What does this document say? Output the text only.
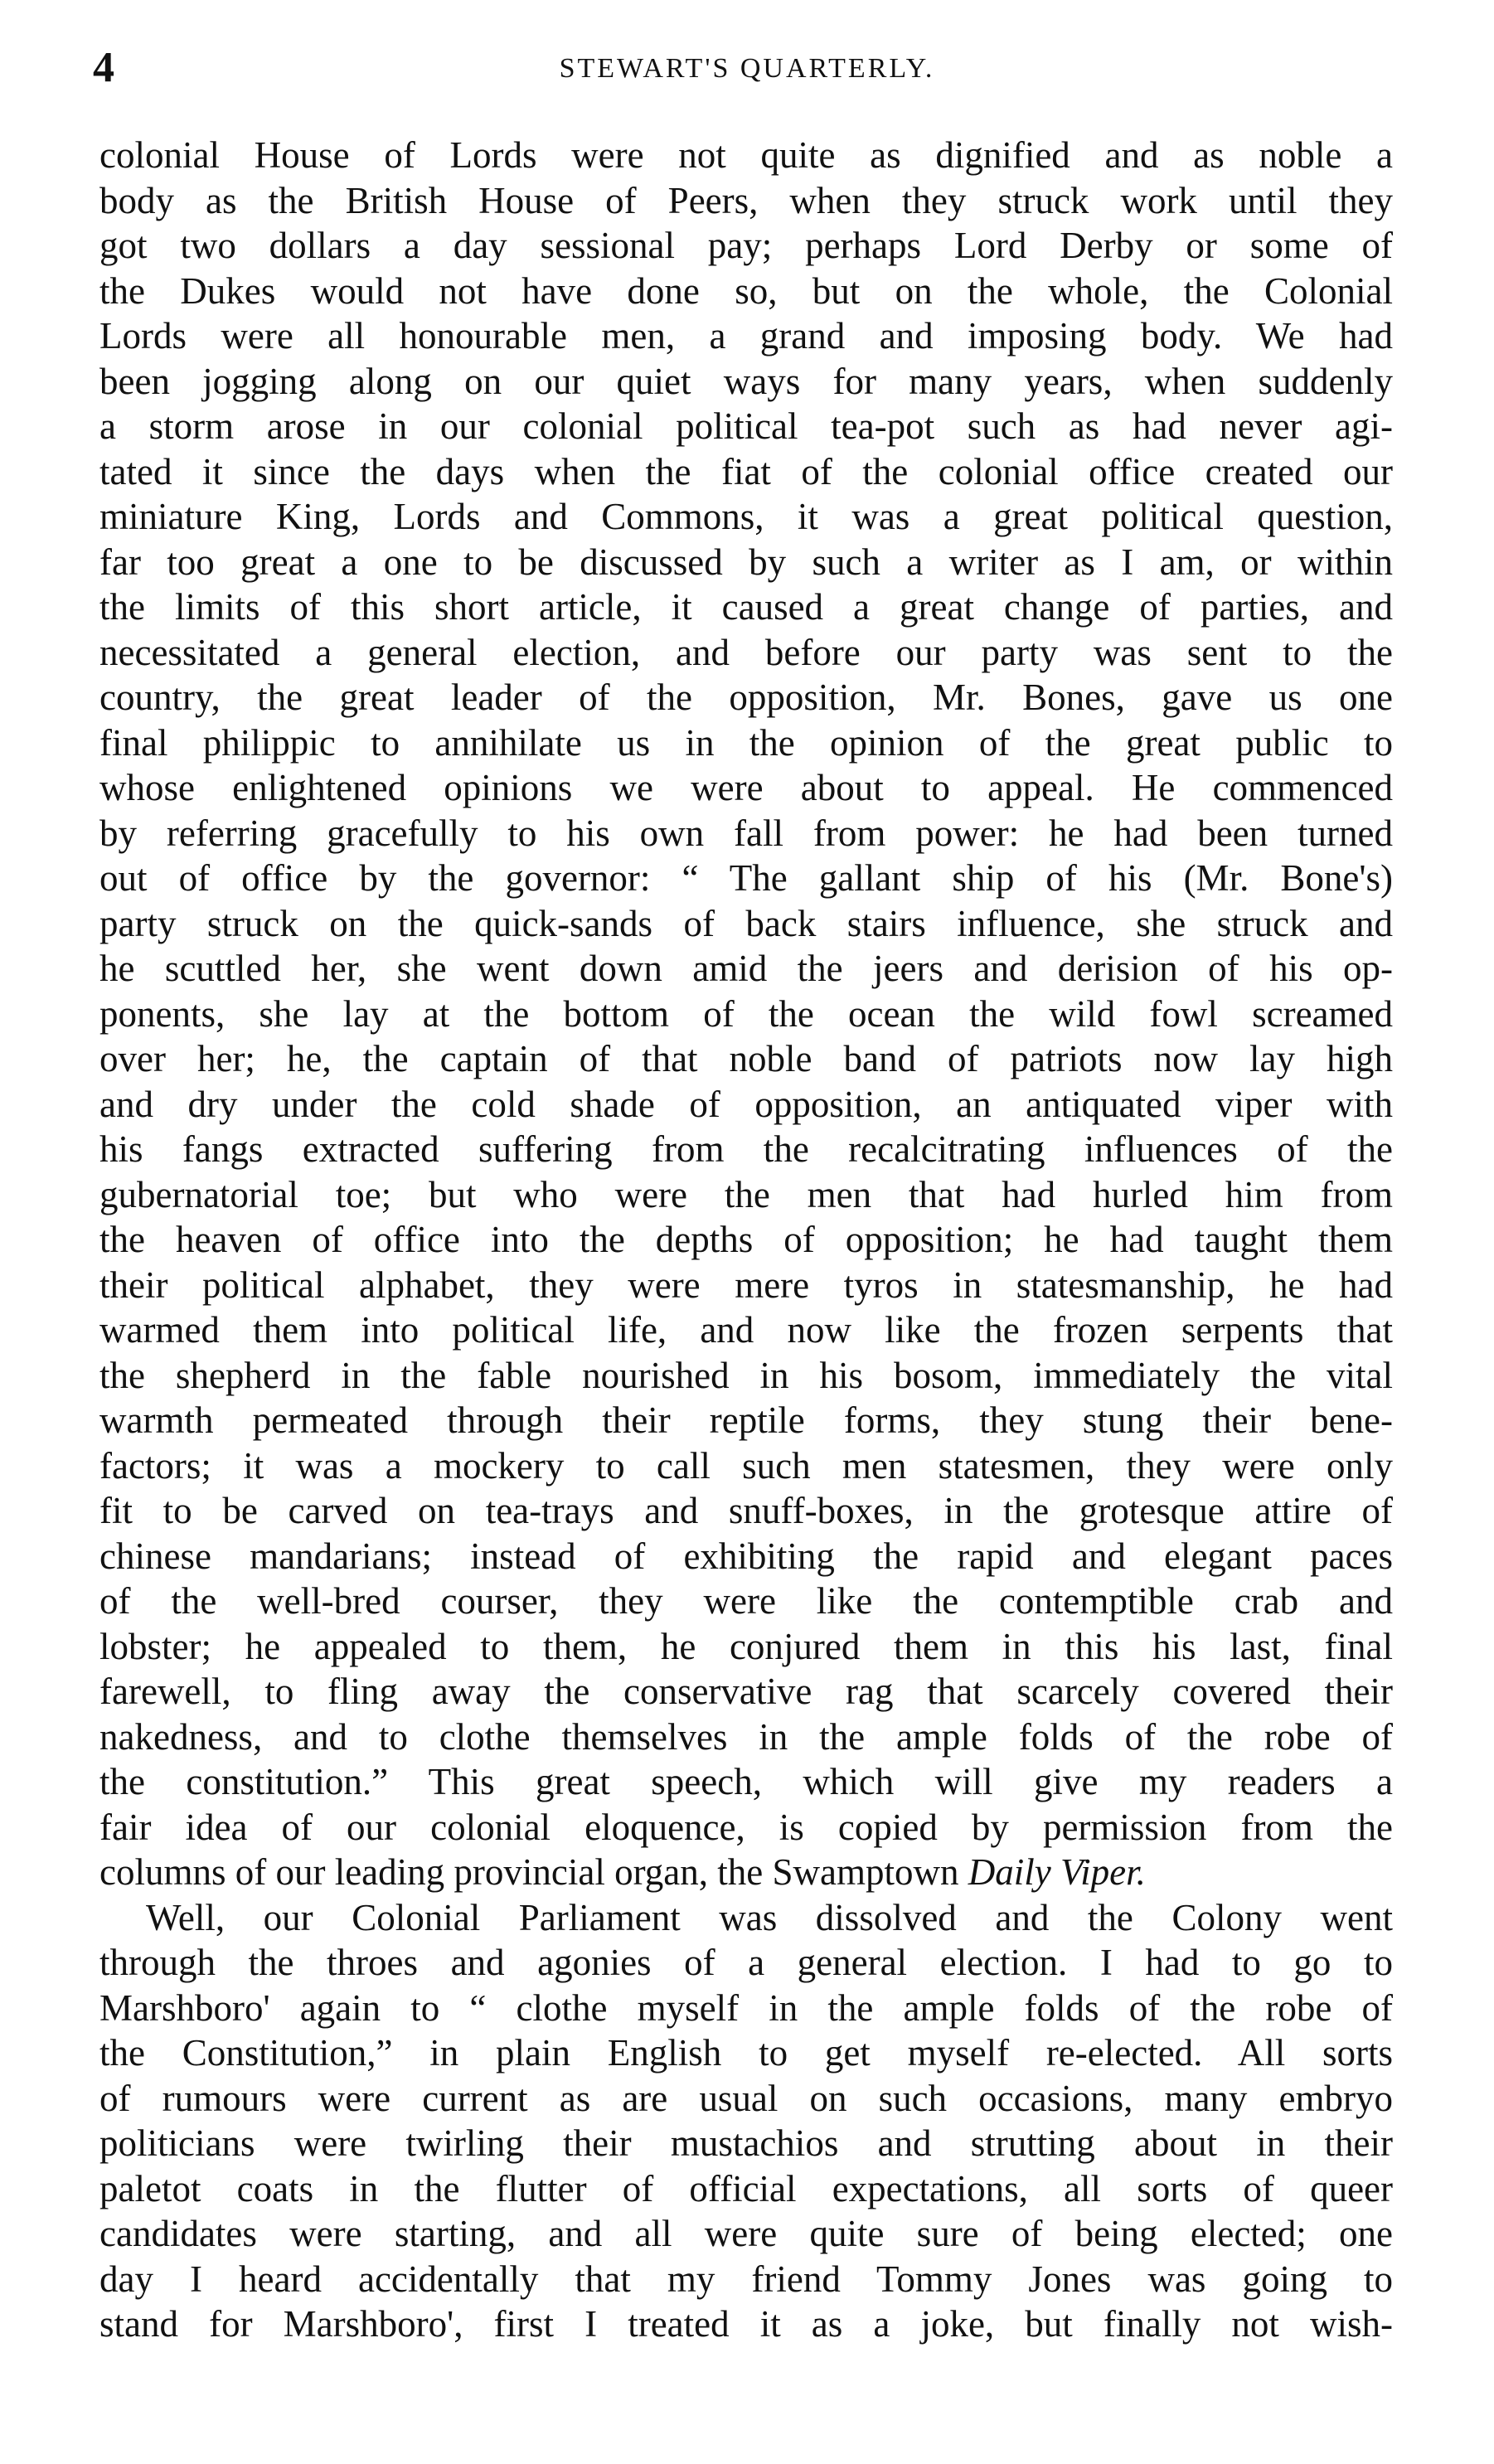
4	STEWART'S QUARTERLY.
colonial House of Lords were not quite as dignified and as noble a
body as the British House of Peers, when they struck work until they
got two dollars a day sessional pay; perhaps Lord Derby or some of
the Dukes would not have done so, but on the whole, the Colonial
Lords were all honourable men, a grand and imposing body. We had
been jogging along on our quiet ways for many years, when suddenly
a storm arose in our colonial political tea-pot such as had never agi-
tated it since the days when the fiat of the colonial office created our
miniature King, Lords and Commons, it was a great political question,
far too great a one to be discussed by such a writer as I am, or within
the limits of this short article, it caused a great change of parties, and
necessitated a general election, and before our party was sent to the
country, the great leader of the opposition, Mr. Bones, gave us one
final philippic to annihilate us in the opinion of the great public to
whose enlightened opinions we were about to appeal. He commenced
by referring gracefully to his own fall from power: he had been turned
out of office by the governor: “ The gallant ship of his (Mr. Bone's)
party struck on the quick-sands of back stairs influence, she struck and
he scuttled her, she went down amid the jeers and derision of his op-
ponents, she lay at the bottom of the ocean the wild fowl screamed
over her; he, the captain of that noble band of patriots now lay high
and dry under the cold shade of opposition, an antiquated viper with
his fangs extracted suffering from the recalcitrating influences of the
gubernatorial toe; but who were the men that had hurled him from
the heaven of office into the depths of opposition; he had taught them
their political alphabet, they were mere tyros in statesmanship, he had
warmed them into political life, and now like the frozen serpents that
the shepherd in the fable nourished in his bosom, immediately the vital
warmth permeated through their reptile forms, they stung their bene-
factors; it was a mockery to call such men statesmen, they were only
fit to be carved on tea-trays and snuff-boxes, in the grotesque attire of
chinese mandarians; instead of exhibiting the rapid and elegant paces
of the well-bred courser, they were like the contemptible crab and
lobster; he appealed to them, he conjured them in this his last, final
farewell, to fling away the conservative rag that scarcely covered their
nakedness, and to clothe themselves in the ample folds of the robe of
the constitution.” This great speech, which will give my readers a
fair idea of our colonial eloquence, is copied by permission from the
columns of our leading provincial organ, the Swamptown Daily Viper.
Well, our Colonial Parliament was dissolved and the Colony went
through the throes and agonies of a general election. I had to go to
Marshboro' again to “ clothe myself in the ample folds of the robe of
the Constitution,” in plain English to get myself re-elected. All sorts
of rumours were current as are usual on such occasions, many embryo
politicians were twirling their mustachios and strutting about in their
paletot coats in the flutter of official expectations, all sorts of queer
candidates were starting, and all were quite sure of being elected; one
day I heard accidentally that my friend Tommy Jones was going to
stand for Marshboro', first I treated it as a joke, but finally not wish-
